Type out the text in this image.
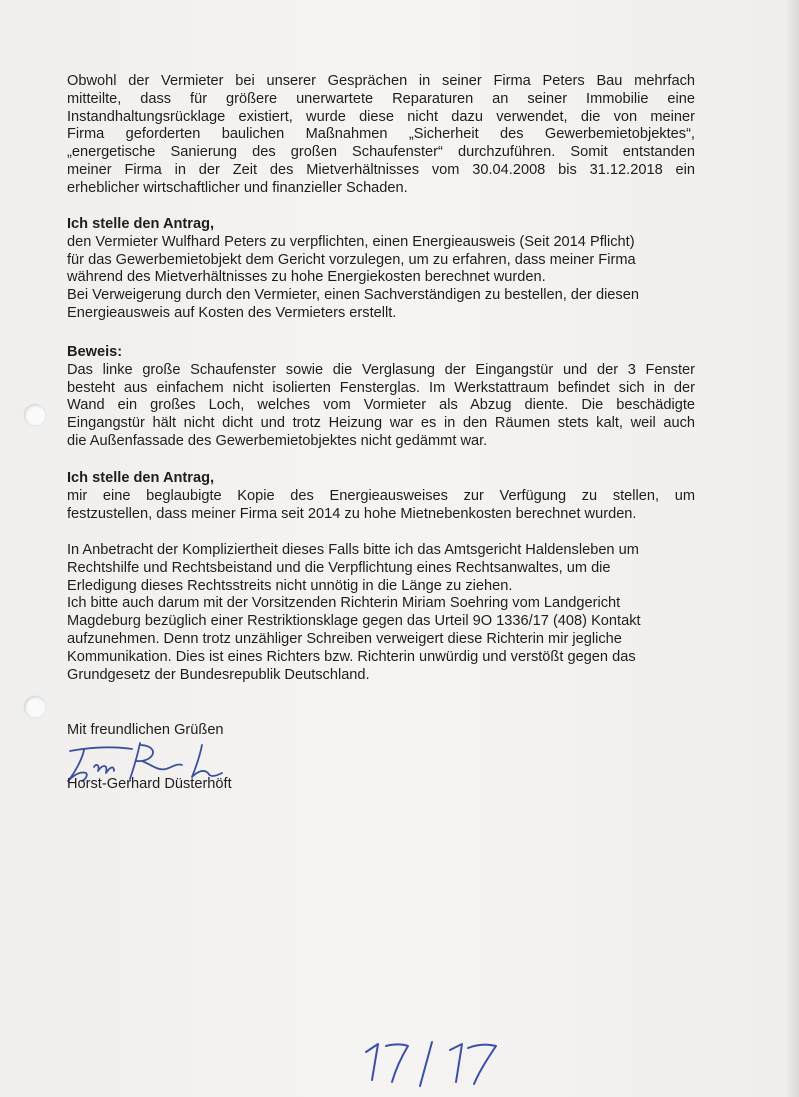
Obwohl der Vermieter bei unserer Gesprächen in seiner Firma Peters Bau mehrfach
mitteilte, dass für größere unerwartete Reparaturen an seiner Immobilie eine
Instandhaltungsrücklage existiert, wurde diese nicht dazu verwendet, die von meiner
Firma geforderten baulichen Maßnahmen „Sicherheit des Gewerbemietobjektes“,
„energetische Sanierung des großen Schaufenster“ durchzuführen. Somit entstanden
meiner Firma in der Zeit des Mietverhältnisses vom 30.04.2008 bis 31.12.2018 ein
erheblicher wirtschaftlicher und finanzieller Schaden.
Ich stelle den Antrag,
den Vermieter Wulfhard Peters zu verpflichten, einen Energieausweis (Seit 2014 Pflicht)
für das Gewerbemietobjekt dem Gericht vorzulegen, um zu erfahren, dass meiner Firma
während des Mietverhältnisses zu hohe Energiekosten berechnet wurden.
Bei Verweigerung durch den Vermieter, einen Sachverständigen zu bestellen, der diesen
Energieausweis auf Kosten des Vermieters erstellt.
Beweis:
Das linke große Schaufenster sowie die Verglasung der Eingangstür und der 3 Fenster
besteht aus einfachem nicht isolierten Fensterglas. Im Werkstattraum befindet sich in der
Wand ein großes Loch, welches vom Vormieter als Abzug diente. Die beschädigte
Eingangstür hält nicht dicht und trotz Heizung war es in den Räumen stets kalt, weil auch
die Außenfassade des Gewerbemietobjektes nicht gedämmt war.
Ich stelle den Antrag,
mir eine beglaubigte Kopie des Energieausweises zur Verfügung zu stellen, um
festzustellen, dass meiner Firma seit 2014 zu hohe Mietnebenkosten berechnet wurden.
In Anbetracht der Kompliziertheit dieses Falls bitte ich das Amtsgericht Haldensleben um
Rechtshilfe und Rechtsbeistand und die Verpflichtung eines Rechtsanwaltes, um die
Erledigung dieses Rechtsstreits nicht unnötig in die Länge zu ziehen.
Ich bitte auch darum mit der Vorsitzenden Richterin Miriam Soehring vom Landgericht
Magdeburg bezüglich einer Restriktionsklage gegen das Urteil 9O 1336/17 (408) Kontakt
aufzunehmen. Denn trotz unzähliger Schreiben verweigert diese Richterin mir jegliche
Kommunikation. Dies ist eines Richters bzw. Richterin unwürdig und verstößt gegen das
Grundgesetz der Bundesrepublik Deutschland.
Mit freundlichen Grüßen
Horst-Gerhard Düsterhöft
